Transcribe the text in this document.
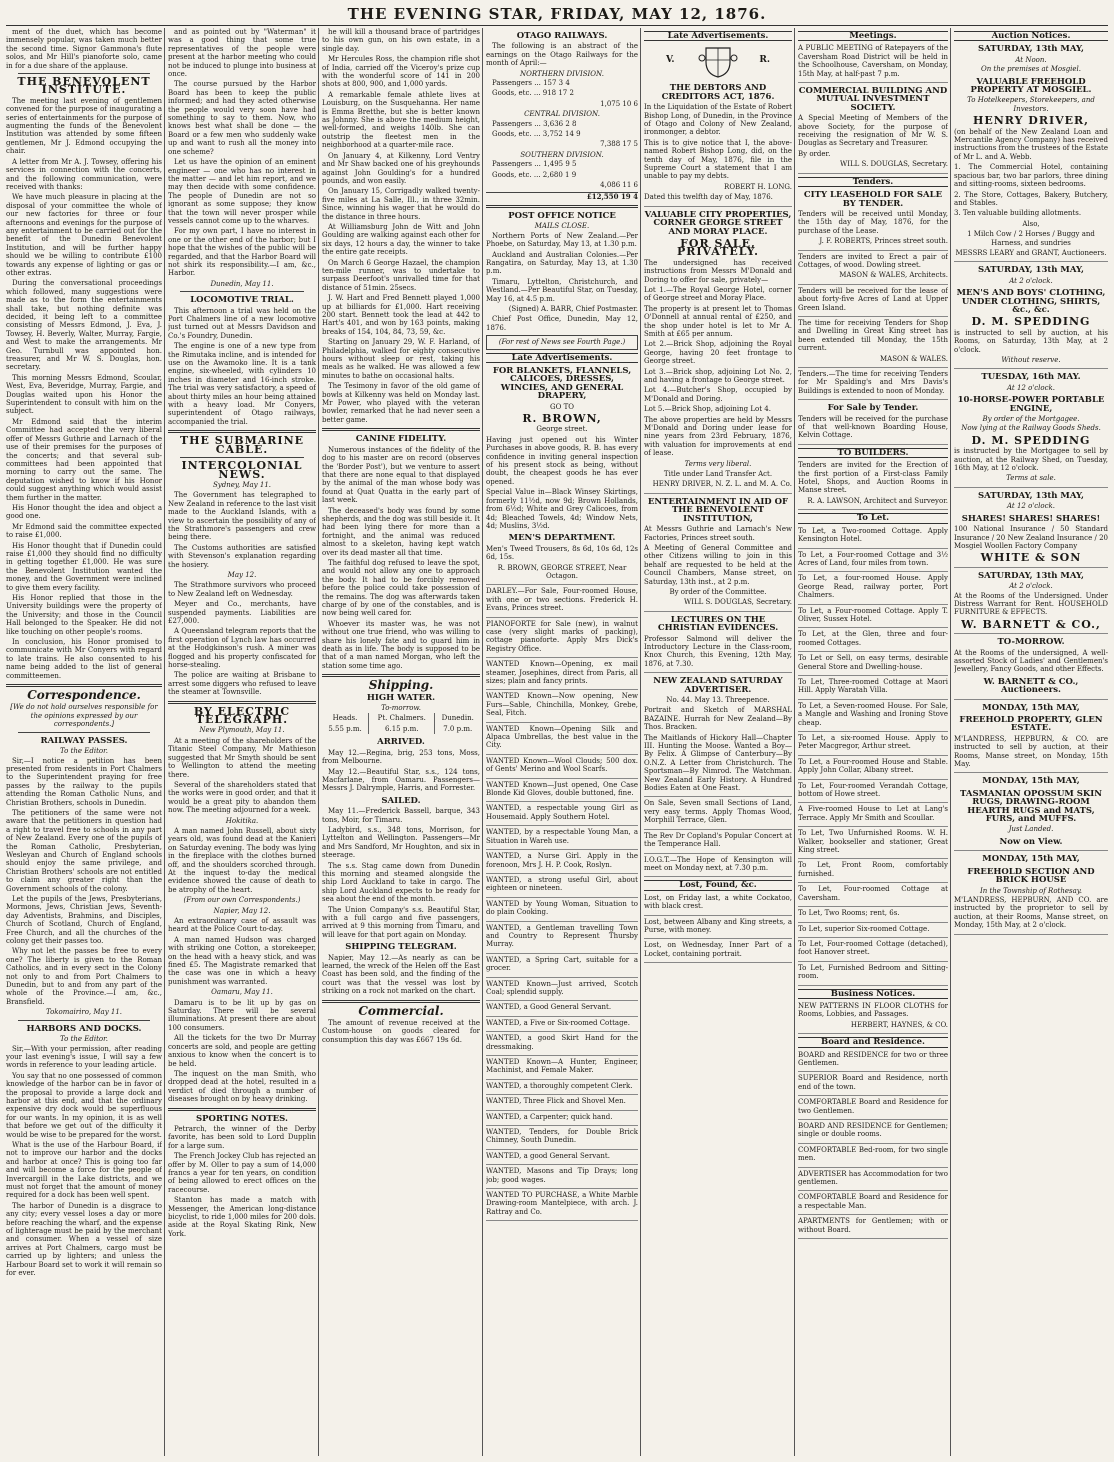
THE EVENING STAR, FRIDAY, MAY 12, 1876.

ment of the duet, which has become immensely popular, was taken much better the second time. Signor Gammona's flute solos, and Mr Hill's pianoforte solo, came in for a due share of the applause.

THE BENEVOLENT INSTITUTE.

The meeting last evening of gentlemen convened for the purpose of inaugurating a series of entertainments for the purpose of augmenting the funds of the Benevolent Institution was attended by some fifteen gentlemen, Mr J. Edmond occupying the chair.

A letter from Mr A. J. Towsey, offering his services in connection with the concerts, and the following communication, were received with thanks:

We have much pleasure in placing at the disposal of your committee the whole of our new factories for three or four afternoons and evenings for the purpose of any entertainment to be carried out for the benefit of the Dunedin Benevolent Institution, and will be further happy should we be willing to contribute £100 towards any expense of lighting or gas or other extras.

During the conversational proceedings which followed, many suggestions were made as to the form the entertainments shall take, but nothing definite was decided, it being left to a committee consisting of Messrs Edmond, J. Eva, J. Towsey, H. Beverly, Walter, Murray, Fargie, and West to make the arrangements. Mr Geo. Turnbull was appointed hon. treasurer, and Mr W. S. Douglas, hon. secretary.

This morning Messrs Edmond, Scoular, West, Eva, Beveridge, Murray, Fargie, and Douglas waited upon his Honor the Superintendent to consult with him on the subject.

Mr Edmond said that the interim Committee had accepted the very liberal offer of Messrs Guthrie and Larnach of the use of their premises for the purposes of the concerts; and that several sub-committees had been appointed that morning to carry out the same. The deputation wished to know if his Honor could suggest anything which would assist them further in the matter.

His Honor thought the idea and object a good one.

Mr Edmond said the committee expected to raise £1,000.

His Honor thought that if Dunedin could raise £1,000 they should find no difficulty in getting together £1,000. He was sure the Benevolent Institution wanted the money, and the Government were inclined to give them every facility.

His Honor replied that those in the University buildings were the property of the University; and those in the Council Hall belonged to the Speaker. He did not like touching on other people's rooms.

In conclusion, his Honor promised to communicate with Mr Conyers with regard to late trains. He also consented to his name being added to the list of general committeemen.

Correspondence.

[We do not hold ourselves responsible for the opinions expressed by our correspondents.]

RAILWAY PASSES.

To the Editor.

Sir,—I notice a petition has been presented from residents in Port Chalmers to the Superintendent praying for free passes by the railway to the pupils attending the Roman Catholic Nuns, and Christian Brothers, schools in Dunedin.

The petitioners of the same were not aware that the petitioners in question had a right to travel free to schools in any part of New Zealand. Every one of the pupils of the Roman Catholic, Presbyterian, Wesleyan and Church of England schools should enjoy the same privilege, and Christian Brothers' schools are not entitled to claim any greater right than the Government schools of the colony.

Let the pupils of the Jews, Presbyterians, Mormons, Jews, Christian Jews, Seventh-day Adventists, Brahmins, and Disciples, Church of Scotland, Church of England, Free Church, and all the churches of the colony get their passes too.

Why not let the passes be free to every one? The liberty is given to the Roman Catholics, and in every sect in the Colony not only to and from Port Chalmers to Dunedin, but to and from any part of the whole of the Province.—I am, &c., Bransfield.

Tokomairiro, May 11.

HARBORS AND DOCKS.

To the Editor.

Sir,—With your permission, after reading your last evening's issue, I will say a few words in reference to your leading article.

You say that no one possessed of common knowledge of the harbor can be in favor of the proposal to provide a large dock and harbor at this end, and that the ordinary expensive dry dock would be superfluous for our wants. In my opinion, it is as well that before we get out of the difficulty it would be wise to be prepared for the worst.

What is the use of the Harbour Board, if not to improve our harbor and the docks and harbor at once? This is going too far and will become a force for the people of Invercargill in the Lake districts, and we must not forget that the amount of money required for a dock has been well spent.

The harbor of Dunedin is a disgrace to any city; every vessel loses a day or more before reaching the wharf, and the expense of lighterage must be paid by the merchant and consumer. When a vessel of size arrives at Port Chalmers, cargo must be carried up by lighters; and unless the Harbour Board set to work it will remain so for ever.

and as pointed out by "Waterman" it was a good thing that some true representatives of the people were present at the harbor meeting who could not be induced to plunge into business at once.

The course pursued by the Harbor Board has been to keep the public informed; and had they acted otherwise the people would very soon have had something to say to them. Now, who knows best what shall be done — the Board or a few men who suddenly wake up and want to rush all the money into one scheme?

Let us have the opinion of an eminent engineer — one who has no interest in the matter — and let him report, and we may then decide with some confidence. The people of Dunedin are not so ignorant as some suppose; they know that the town will never prosper while vessels cannot come up to the wharves.

For my own part, I have no interest in one or the other end of the harbor; but I hope that the wishes of the public will be regarded, and that the Harbor Board will not shirk its responsibility.—I am, &c., Harbor.

Dunedin, May 11.

LOCOMOTIVE TRIAL.

This afternoon a trial was held on the Port Chalmers line of a new locomotive just turned out at Messrs Davidson and Co.'s Foundry, Dunedin.

The engine is one of a new type from the Rimutaka incline, and is intended for use on the Awamoko line. It is a tank engine, six-wheeled, with cylinders 10 inches in diameter and 16-inch stroke. The trial was very satisfactory, a speed of about thirty miles an hour being attained with a heavy load. Mr Conyers, superintendent of Otago railways, accompanied the trial.

THE SUBMARINE CABLE.

INTERCOLONIAL NEWS.

Sydney, May 11.

The Government has telegraphed to New Zealand in reference to the last visit made to the Auckland Islands, with a view to ascertain the possibility of any of the Strathmore's passengers and crew being there.

The Customs authorities are satisfied with Stevenson's explanation regarding the hosiery.

May 12.

The Strathmore survivors who proceed to New Zealand left on Wednesday.

Meyer and Co., merchants, have suspended payments. Liabilities are £27,000.

A Queensland telegram reports that the first operation of Lynch law has occurred at the Hodgkinson's rush. A miner was flogged and his property confiscated for horse-stealing.

The police are waiting at Brisbane to arrest some diggers who refused to leave the steamer at Townsville.

BY ELECTRIC TELEGRAPH.

New Plymouth, May 11.

At a meeting of the shareholders of the Titanic Steel Company, Mr Mathieson suggested that Mr Smyth should be sent to Wellington to attend the meeting there.

Several of the shareholders stated that the works were in good order, and that it would be a great pity to abandon them now. The meeting adjourned for a week.

Hokitika.

A man named John Russell, about sixty years old, was found dead at the Kanieri on Saturday evening. The body was lying in the fireplace with the clothes burned off, and the shoulders scorched through. At the inquest to-day the medical evidence showed the cause of death to be atrophy of the heart.

(From our own Correspondents.)

Napier, May 12.

An extraordinary case of assault was heard at the Police Court to-day.

A man named Hudson was charged with striking one Cotton, a storekeeper, on the head with a heavy stick, and was fined £5. The Magistrate remarked that the case was one in which a heavy punishment was warranted.

Oamaru, May 11.

Damaru is to be lit up by gas on Saturday. There will be several illuminations. At present there are about 100 consumers.

All the tickets for the two Dr Murray concerts are sold, and people are getting anxious to know when the concert is to be held.

The inquest on the man Smith, who dropped dead at the hotel, resulted in a verdict of died through a number of diseases brought on by heavy drinking.

SPORTING NOTES.

Petrarch, the winner of the Derby favorite, has been sold to Lord Dupplin for a large sum.

The French Jockey Club has rejected an offer by M. Oller to pay a sum of 14,000 francs a year for ten years, on condition of being allowed to erect offices on the racecourse.

Stanton has made a match with Messenger, the American long-distance bicyclist, to ride 1,000 miles for 200 dols. aside at the Royal Skating Rink, New York.

he will kill a thousand brace of partridges to his own gun, on his own estate, in a single day.

Mr Hercules Ross, the champion rifle shot of India, carried off the Viceroy's prize cup with the wonderful score of 141 in 200 shots at 800, 900, and 1,000 yards.

A remarkable female athlete lives at Louisburg, on the Susquehanna. Her name is Emma Bretthe, but she is better known as Johnny. She is above the medium height, well-formed, and weighs 140lb. She can outstrip the fleetest men in the neighborhood at a quarter-mile race.

On January 4, at Kilkenny, Lord Ventry and Mr Shaw backed one of his greyhounds against John Goulding's for a hundred pounds, and won easily.

On January 15, Corrigadly walked twenty-five miles at La Salle, Ill., in three 32min. Since, winning his wager that he would do the distance in three hours.

At Williamsburg John de Witt and John Goulding are walking against each other for six days, 12 hours a day, the winner to take the entire gate receipts.

On March 6 George Hazael, the champion ten-mile runner, was to undertake to surpass Deerfoot's unrivalled time for that distance of 51min. 25secs.

J. W. Hart and Fred Bennett played 1,000 up at billiards for £1,000. Hart receiving 200 start. Bennett took the lead at 442 to Hart's 401, and won by 163 points, making breaks of 154, 104, 84, 73, 59, &c.

Starting on January 29, W. F. Harland, of Philadelphia, walked for eighty consecutive hours without sleep or rest, taking his meals as he walked. He was allowed a few minutes to bathe on occasional halts.

The Tesimony in favor of the old game of bowls at Kilkenny was held on Monday last. Mr Power, who played with the veteran bowler, remarked that he had never seen a better game.

CANINE FIDELITY.

Numerous instances of the fidelity of the dog to his master are on record (observes the 'Border Post'), but we venture to assert that there are none equal to that displayed by the animal of the man whose body was found at Quat Quatta in the early part of last week.

The deceased's body was found by some shepherds, and the dog was still beside it. It had been lying there for more than a fortnight, and the animal was reduced almost to a skeleton, having kept watch over its dead master all that time.

The faithful dog refused to leave the spot, and would not allow any one to approach the body. It had to be forcibly removed before the police could take possession of the remains. The dog was afterwards taken charge of by one of the constables, and is now being well cared for.

Whoever its master was, he was not without one true friend, who was willing to share his lonely fate and to guard him in death as in life. The body is supposed to be that of a man named Morgan, who left the station some time ago.

Shipping.

HIGH WATER.

To-morrow.

Heads.	Pt. Chalmers.	Dunedin.
5.55 p.m.	6.15 p.m.	7.0 p.m.

ARRIVED.

May 12.—Regina, brig, 253 tons, Moss, from Melbourne.

May 12.—Beautiful Star, s.s., 124 tons, Macfarlane, from Oamaru. Passengers—Messrs J. Dalrymple, Harris, and Forrester.

SAILED.

May 11.—Frederick Bassell, barque, 343 tons, Moir, for Timaru.

Ladybird, s.s., 348 tons, Morrison, for Lyttelton and Wellington. Passengers—Mr and Mrs Sandford, Mr Houghton, and six in steerage.

The s.s. Stag came down from Dunedin this morning and steamed alongside the ship Lord Auckland to take in cargo. The ship Lord Auckland expects to be ready for sea about the end of the month.

The Union Company's s.s. Beautiful Star, with a full cargo and five passengers, arrived at 9 this morning from Timaru, and will leave for that port again on Monday.

SHIPPING TELEGRAM.

Napier, May 12.—As nearly as can be learned, the wreck of the Helen off the East Coast has been sold, and the finding of the court was that the vessel was lost by striking on a rock not marked on the chart.

Commercial.

The amount of revenue received at the Custom-house on goods cleared for consumption this day was £667 19s 6d.

OTAGO RAILWAYS.

The following is an abstract of the earnings on the Otago Railways for the month of April:—

NORTHERN DIVISION.

Passengers ... 157 3 4

Goods, etc. ... 918 17 2

1,075 10 6

CENTRAL DIVISION.

Passengers ... 3,636 2 8

Goods, etc. ... 3,752 14 9

7,388 17 5

SOUTHERN DIVISION.

Passengers ... 1,495 9 5

Goods, etc. ... 2,680 1 9

4,086 11 6

£12,550 19 4

POST OFFICE NOTICE

MAILS CLOSE.

Northern Ports of New Zealand.—Per Phoebe, on Saturday, May 13, at 1.30 p.m.

Auckland and Australian Colonies.—Per Rangatira, on Saturday, May 13, at 1.30 p.m.

Timaru, Lyttelton, Christchurch, and Westland.—Per Beautiful Star, on Tuesday, May 16, at 4.5 p.m.

(Signed) A. BARR, Chief Postmaster.

Chief Post Office, Dunedin, May 12, 1876.

(For rest of News see Fourth Page.)

Late Advertisements.

FOR BLANKETS, FLANNELS, CALICOES, DRESSES, WINCIES, AND GENERAL DRAPERY,

GO TO

R. BROWN,

George street.

Having just opened out his Winter Purchases in above goods, R. B. has every confidence in inviting general inspection of his present stock as being, without doubt, the cheapest goods he has ever opened.

Special Value in—Black Winsey Skirtings, formerly 11½d, now 9d; Brown Hollands, from 6½d; White and Grey Calicoes, from 4d; Bleached Towels, 4d; Window Nets, 4d; Muslins, 3½d.

MEN'S DEPARTMENT.

Men's Tweed Trousers, 8s 6d, 10s 6d, 12s 6d, 15s.

R. BROWN, GEORGE STREET, Near Octagon.

DARLEY.—For Sale, Four-roomed House, with one or two sections. Frederick H. Evans, Princes street.

PIANOFORTE for Sale (new), in walnut case (very slight marks of packing), cottage pianoforte. Apply Mrs Dick's Registry Office.

WANTED Known—Opening, ex mail steamer, Josephines, direct from Paris, all sizes; plain and fancy prints.

WANTED Known—Now opening, New Furs—Sable, Chinchilla, Monkey, Grebe, Seal, Fitch.

WANTED Known—Opening Silk and Alpaca Umbrellas, the best value in the City.

WANTED Known—Wool Clouds; 500 dox. of Gents' Merino and Wool Scarfs.

WANTED Known—Just opened, One Case Blonde Kid Gloves, double buttoned, fine.

WANTED, a respectable young Girl as Housemaid. Apply Southern Hotel.

WANTED, by a respectable Young Man, a Situation in Wareh use.

WANTED, a Nurse Girl. Apply in the forenoon, Mrs J. H. P. Cook, Roslyn.

WANTED, a strong useful Girl, about eighteen or nineteen.

WANTED by Young Woman, Situation to do plain Cooking.

WANTED, a Gentleman travelling Town and Country to Represent Thursby Murray.

WANTED, a Spring Cart, suitable for a grocer.

WANTED Known—Just arrived, Scotch Coal; splendid supply.

WANTED, a Good General Servant.

WANTED, a Five or Six-roomed Cottage.

WANTED, a good Skirt Hand for the dressmaking.

WANTED Known—A Hunter, Engineer, Machinist, and Female Maker.

WANTED, a thoroughly competent Clerk.

WANTED, Three Flick and Shovel Men.

WANTED, a Carpenter; quick hand.

WANTED, Tenders, for Double Brick Chimney, South Dunedin.

WANTED, a good General Servant.

WANTED, Masons and Tip Drays; long job; good wages.

WANTED TO PURCHASE, a White Marble Drawing-room Mantelpiece, with arch. J. Rattray and Co.

Late Advertisements.

V.	R.

THE DEBTORS AND CREDITORS ACT, 1876.

In the Liquidation of the Estate of Robert Bishop Long, of Dunedin, in the Province of Otago and Colony of New Zealand, ironmonger, a debtor.

This is to give notice that I, the above-named Robert Bishop Long, did, on the tenth day of May, 1876, file in the Supreme Court a statement that I am unable to pay my debts.

ROBERT H. LONG.

Dated this twelfth day of May, 1876.

VALUABLE CITY PROPERTIES, CORNER GEORGE STREET AND MORAY PLACE.

FOR SALE, PRIVATELY.

The undersigned has received instructions from Messrs M'Donald and Doring to offer for sale, privately—

Lot 1.—The Royal George Hotel, corner of George street and Moray Place.

The property is at present let to Thomas O'Donnell at annual rental of £250, and the shop under hotel is let to Mr A. Smith at £65 per annum.

Lot 2.—Brick Shop, adjoining the Royal George, having 20 feet frontage to George street.

Lot 3.—Brick shop, adjoining Lot No. 2, and having a frontage to George street.

Lot 4.—Butcher's Shop, occupied by M'Donald and Doring.

Lot 5.—Brick Shop, adjoining Lot 4.

The above properties are held by Messrs M'Donald and Doring under lease for nine years from 23rd February, 1876, with valuation for improvements at end of lease.

Terms very liberal.

Title under Land Transfer Act.

HENRY DRIVER, N. Z. L. and M. A. Co.

ENTERTAINMENT IN AID OF THE BENEVOLENT INSTITUTION,

At Messrs Guthrie and Larnach's New Factories, Princes street south.

A Meeting of General Committee and other Citizens willing to join in this behalf are requested to be held at the Council Chambers, Manse street, on Saturday, 13th inst., at 2 p.m.

By order of the Committee.

WILL S. DOUGLAS, Secretary.

LECTURES ON THE CHRISTIAN EVIDENCES.

Professor Salmond will deliver the Introductory Lecture in the Class-room, Knox Church, this Evening, 12th May, 1876, at 7.30.

NEW ZEALAND SATURDAY ADVERTISER.

No. 44. May 13. Threepence.

Portrait and Sketch of MARSHAL BAZAINE. Hurrah for New Zealand—By Thos. Bracken.

The Maitlands of Hickory Hall—Chapter III. Hunting the Moose. Wanted a Boy—By Felix. A Glimpse of Canterbury—By O.N.Z. A Letter from Christchurch. The Sportsman—By Nimrod. The Watchman. New Zealand Early History. A Hundred Bodies Eaten at One Feast.

On Sale, Seven small Sections of Land, very easy terms. Apply Thomas Wood, Morphill Terrace, Glen.

The Rev Dr Copland's Popular Concert at the Temperance Hall.

I.O.G.T.—The Hope of Kensington will meet on Monday next, at 7.30 p.m.

Lost, Found, &c.

Lost, on Friday last, a white Cockatoo, with black crest.

Lost, between Albany and King streets, a Purse, with money.

Lost, on Wednesday, Inner Part of a Locket, containing portrait.

Meetings.

A PUBLIC MEETING of Ratepayers of the Caversham Road District will be held in the Schoolhouse, Caversham, on Monday, 15th May, at half-past 7 p.m.

COMMERCIAL BUILDING AND MUTUAL INVESTMENT SOCIETY.

A Special Meeting of Members of the above Society, for the purpose of receiving the resignation of Mr W. S. Douglas as Secretary and Treasurer.

By order.

WILL S. DOUGLAS, Secretary.

Tenders.

CITY LEASEHOLD FOR SALE BY TENDER.

Tenders will be received until Monday, the 15th day of May, 1876, for the purchase of the Lease.

J. F. ROBERTS, Princes street south.

Tenders are invited to Erect a pair of Cottages, of wood. Dowling street.

MASON & WALES, Architects.

Tenders will be received for the lease of about forty-five Acres of Land at Upper Green Island.

The time for receiving Tenders for Shop and Dwelling in Great King street has been extended till Monday, the 15th current.

MASON & WALES.

Tenders.—The time for receiving Tenders for Mr Spalding's and Mrs Davis's Buildings is extended to noon of Monday.

For Sale by Tender.

Tenders will be received for the purchase of that well-known Boarding House, Kelvin Cottage.

TO BUILDERS.

Tenders are invited for the Erection of the first portion of a First-class Family Hotel, Shops, and Auction Rooms in Manse street.

R. A. LAWSON, Architect and Surveyor.

To Let.

To Let, a Two-roomed Cottage. Apply Kensington Hotel.

To Let, a Four-roomed Cottage and 3½ Acres of Land, four miles from town.

To Let, a four-roomed House. Apply George Read, railway porter, Port Chalmers.

To Let, a Four-roomed Cottage. Apply T. Oliver, Sussex Hotel.

To Let, at the Glen, three and four-roomed Cottages.

To Let or Sell, on easy terms, desirable General Store and Dwelling-house.

To Let, Three-roomed Cottage at Maori Hill. Apply Waratah Villa.

To Let, a Seven-roomed House. For Sale, a Mangle and Washing and Ironing Stove cheap.

To Let, a six-roomed House. Apply to Peter Macgregor, Arthur street.

To Let, a Four-roomed House and Stable. Apply John Collar, Albany street.

To Let, Four-roomed Verandah Cottage, bottom of Howe street.

A Five-roomed House to Let at Lang's Terrace. Apply Mr Smith and Scoullar.

To Let, Two Unfurnished Rooms. W. H. Walker, bookseller and stationer, Great King street.

To Let, Front Room, comfortably furnished.

To Let, Four-roomed Cottage at Caversham.

To Let, Two Rooms; rent, 6s.

To Let, superior Six-roomed Cottage.

To Let, Four-roomed Cottage (detached), foot Hanover street.

To Let, Furnished Bedroom and Sitting-room.

Business Notices.

NEW PATTERNS IN FLOOR CLOTHS for Rooms, Lobbies, and Passages.

HERBERT, HAYNES, & CO.

Board and Residence.

BOARD and RESIDENCE for two or three Gentlemen.

SUPERIOR Board and Residence, north end of the town.

COMFORTABLE Board and Residence for two Gentlemen.

BOARD AND RESIDENCE for Gentlemen; single or double rooms.

COMFORTABLE Bed-room, for two single men.

ADVERTISER has Accommodation for two gentlemen.

COMFORTABLE Board and Residence for a respectable Man.

APARTMENTS for Gentlemen; with or without Board.

Auction Notices.

SATURDAY, 13th MAY,

At Noon.

On the premises at Mosgiel.

VALUABLE FREEHOLD PROPERTY AT MOSGIEL.

To Hotelkeepers, Storekeepers, and Investors.

HENRY DRIVER,

(on behalf of the New Zealand Loan and Mercantile Agency Company) has received instructions from the trustees of the Estate of Mr L. and A. Webb.

1. The Commercial Hotel, containing spacious bar, two bar parlors, three dining and sitting-rooms, sixteen bedrooms.

2. The Store, Cottages, Bakery, Butchery, and Stables.

3. Ten valuable building allotments.

Also,

1 Milch Cow / 2 Horses / Buggy and Harness, and sundries

MESSRS LEARY and GRANT, Auctioneers.

SATURDAY, 13th MAY,

At 2 o'clock.

MEN'S AND BOYS' CLOTHING, UNDER CLOTHING, SHIRTS, &c., &c.

D. M. SPEDDING

is instructed to sell by auction, at his Rooms, on Saturday, 13th May, at 2 o'clock.

Without reserve.

TUESDAY, 16th MAY.

At 12 o'clock.

10-HORSE-POWER PORTABLE ENGINE,

By order of the Mortgagee.

Now lying at the Railway Goods Sheds.

D. M. SPEDDING

is instructed by the Mortgagee to sell by auction, at the Railway Shed, on Tuesday, 16th May, at 12 o'clock.

Terms at sale.

SATURDAY, 13th MAY,

At 12 o'clock.

SHARES! SHARES! SHARES!

100 National Insurance / 50 Standard Insurance / 20 New Zealand Insurance / 20 Mosgiel Woollen Factory Company

WHITE & SON

SATURDAY, 13th MAY,

At 2 o'clock.

At the Rooms of the Undersigned. Under Distress Warrant for Rent. HOUSEHOLD FURNITURE & EFFECTS.

W. BARNETT & CO.,

TO-MORROW.

At the Rooms of the undersigned, A well-assorted Stock of Ladies' and Gentlemen's Jewellery, Fancy Goods, and other Effects.

W. BARNETT & CO., Auctioneers.

MONDAY, 15th MAY,

FREEHOLD PROPERTY, GLEN ESTATE.

M'LANDRESS, HEPBURN, & CO. are instructed to sell by auction, at their Rooms, Manse street, on Monday, 15th May.

MONDAY, 15th MAY,

TASMANIAN OPOSSUM SKIN RUGS, DRAWING-ROOM HEARTH RUGS and MATS, FURS, and MUFFS.

Just Landed.

Now on View.

MONDAY, 15th MAY,

FREEHOLD SECTION AND BRICK HOUSE

In the Township of Rothesay.

M'LANDRESS, HEPBURN, AND CO. are instructed by the proprietor to sell by auction, at their Rooms, Manse street, on Monday, 15th May, at 2 o'clock.
